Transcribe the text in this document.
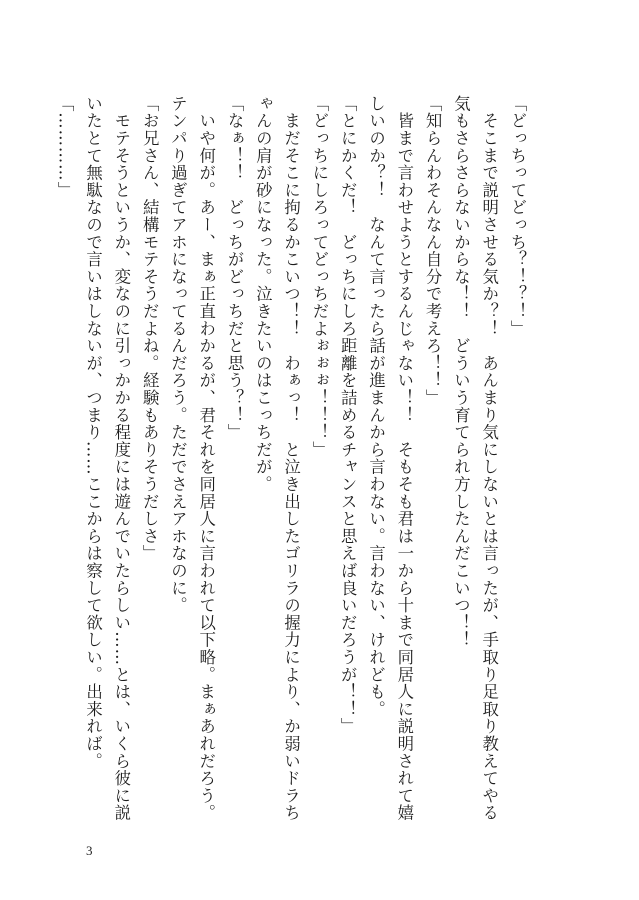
「どっちってどっち？！？！」
　そこまで説明させる気か？！　あんまり気にしないとは言ったが、手取り足取り教えてやる
気もさらさらないからな！！　どういう育てられ方したんだこいつ！！
「知らんわそんなん自分で考えろ！！」
　皆まで言わせようとするんじゃない！！　そもそも君は一から十まで同居人に説明されて嬉
しいのか？！　なんて言ったら話が進まんから言わない。言わない、けれども。
「とにかくだ！　どっちにしろ距離を詰めるチャンスと思えば良いだろうが！！」
「どっちにしろってどっちだよぉぉぉ！！！」
　まだそこに拘るかこいつ！！　わぁっ！　と泣き出したゴリラの握力により、か弱いドラち
ゃんの肩が砂になった。泣きたいのはこっちだが。
「なぁ！！　どっちがどっちだと思う？！」
　いや何が。あー、まぁ正直わかるが、君それを同居人に言われて以下略。まぁあれだろう。
テンパり過ぎてアホになってるんだろう。ただでさえアホなのに。
「お兄さん、結構モテそうだよね。経験もありそうだしさ」
　モテそうというか、変なのに引っかかる程度には遊んでいたらしい……とは、いくら彼に説
いたとて無駄なので言いはしないが、つまり……ここからは察して欲しい。出来れば。
「…………」
3
